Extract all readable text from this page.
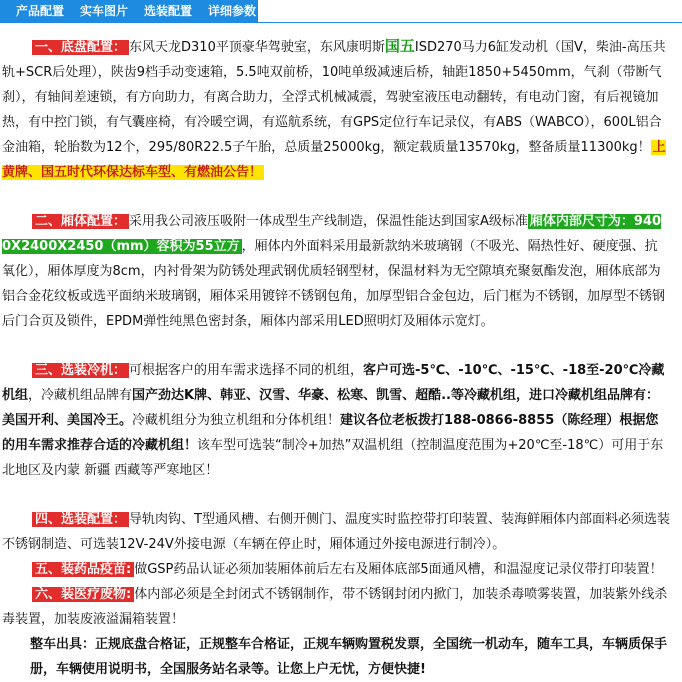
产品配置	实车图片	选装配置	详细参数

一、底盘配置： 东风天龙D310平顶豪华驾驶室，东风康明斯国五ISD270马力6缸发动机（国Ⅴ，柴油-高压共轨+SCR后处理），陕齿9档手动变速箱，5.5吨双前桥，10吨单级减速后桥，轴距1850+5450mm，气刹（带断气刹），有轴间差速锁，有方向助力，有离合助力，全浮式机械减震，驾驶室液压电动翻转，有电动门窗，有后视镜加热，有中控门锁，有气囊座椅，有冷暖空调，有巡航系统，有GPS定位行车记录仪，有ABS（WABCO），600L铝合金油箱，轮胎数为12个，295/80R22.5子午胎，总质量25000kg，额定载质量13570kg，整备质量11300kg！ 上黄牌、国五时代环保达标车型、有燃油公告！

二、厢体配置： 采用我公司液压吸附一体成型生产线制造，保温性能达到国家A级标准 厢体内部尺寸为：9400X2400X2450（mm）容积为55立方 ，厢体内外面料采用最新款纳米玻璃钢（不吸光、隔热性好、硬度强、抗氧化），厢体厚度为8cm，内衬骨架为防锈处理武钢优质轻钢型材，保温材料为无空隙填充聚氨酯发泡，厢体底部为铝合金花纹板或选平面纳米玻璃钢，厢体采用镀锌不锈钢包角，加厚型铝合金包边，后门框为不锈钢，加厚型不锈钢后门合页及锁件，EPDM弹性纯黑色密封条，厢体内部采用LED照明灯及厢体示宽灯。

三、选装冷机： 可根据客户的用车需求选择不同的机组，客户可选-5℃、-10℃、-15℃、-18至-20℃冷藏机组，冷藏机组品牌有国产劲达K牌、韩亚、汉雪、华豪、松寒、凯雪、超酷..等冷藏机组，进口冷藏机组品牌有：美国开利、美国冷王。冷藏机组分为独立机组和分体机组！建议各位老板拨打188-0866-8855（陈经理）根据您的用车需求推荐合适的冷藏机组！该车型可选装“制冷+加热”双温机组（控制温度范围为+20℃至-18℃）可用于东北地区及内蒙 新疆 西藏等严寒地区！

四、选装配置： 导轨肉钩、T型通风槽、右侧开侧门、温度实时监控带打印装置、装海鲜厢体内部面料必须选装不锈钢制造、可选装12V-24V外接电源（车辆在停止时，厢体通过外接电源进行制冷）。

五、装药品疫苗: 做GSP药品认证必须加装厢体前后左右及厢体底部5面通风槽，和温湿度记录仪带打印装置！

六、装医疗废物: 体内部必须是全封闭式不锈钢制作，带不锈钢封闭内掀门，加装杀毒喷雾装置，加装紫外线杀毒装置，加装废液溢漏箱装置！

整车出具：正规底盘合格证，正规整车合格证，正规车辆购置税发票，全国统一机动车，随车工具，车辆质保手册，车辆使用说明书，全国服务站名录等。让您上户无忧，方便快捷!
